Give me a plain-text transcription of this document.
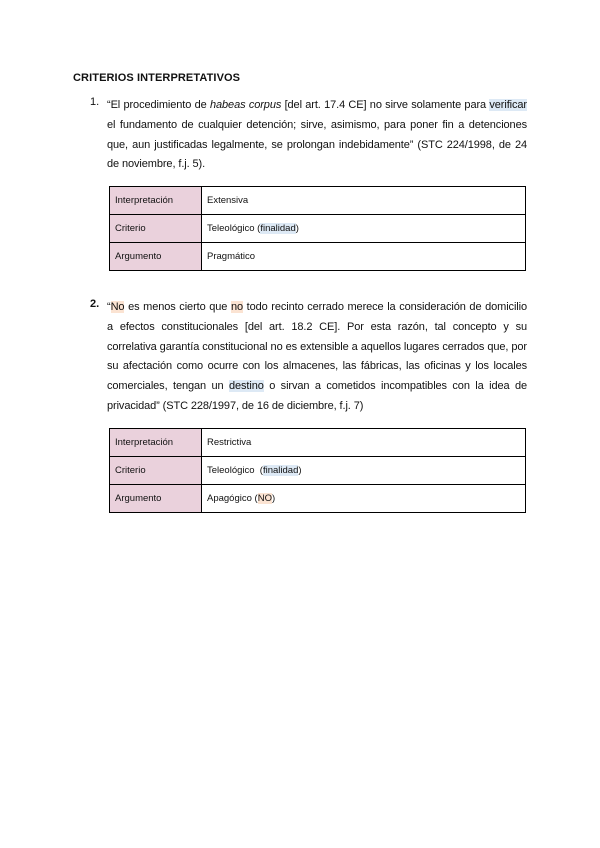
CRITERIOS INTERPRETATIVOS
1. “El procedimiento de habeas corpus [del art. 17.4 CE] no sirve solamente para verificar el fundamento de cualquier detención; sirve, asimismo, para poner fin a detenciones que, aun justificadas legalmente, se prolongan indebidamente” (STC 224/1998, de 24 de noviembre, f.j. 5).

Interpretación	Extensiva
Criterio	Teleológico (finalidad)
Argumento	Pragmático
2. “No es menos cierto que no todo recinto cerrado merece la consideración de domicilio a efectos constitucionales [del art. 18.2 CE]. Por esta razón, tal concepto y su correlativa garantía constitucional no es extensible a aquellos lugares cerrados que, por su afectación como ocurre con los almacenes, las fábricas, las oficinas y los locales comerciales, tengan un destino o sirvan a cometidos incompatibles con la idea de privacidad” (STC 228/1997, de 16 de diciembre, f.j. 7)

Interpretación	Restrictiva
Criterio	Teleológico  (finalidad)
Argumento	Apagógico (NO)
